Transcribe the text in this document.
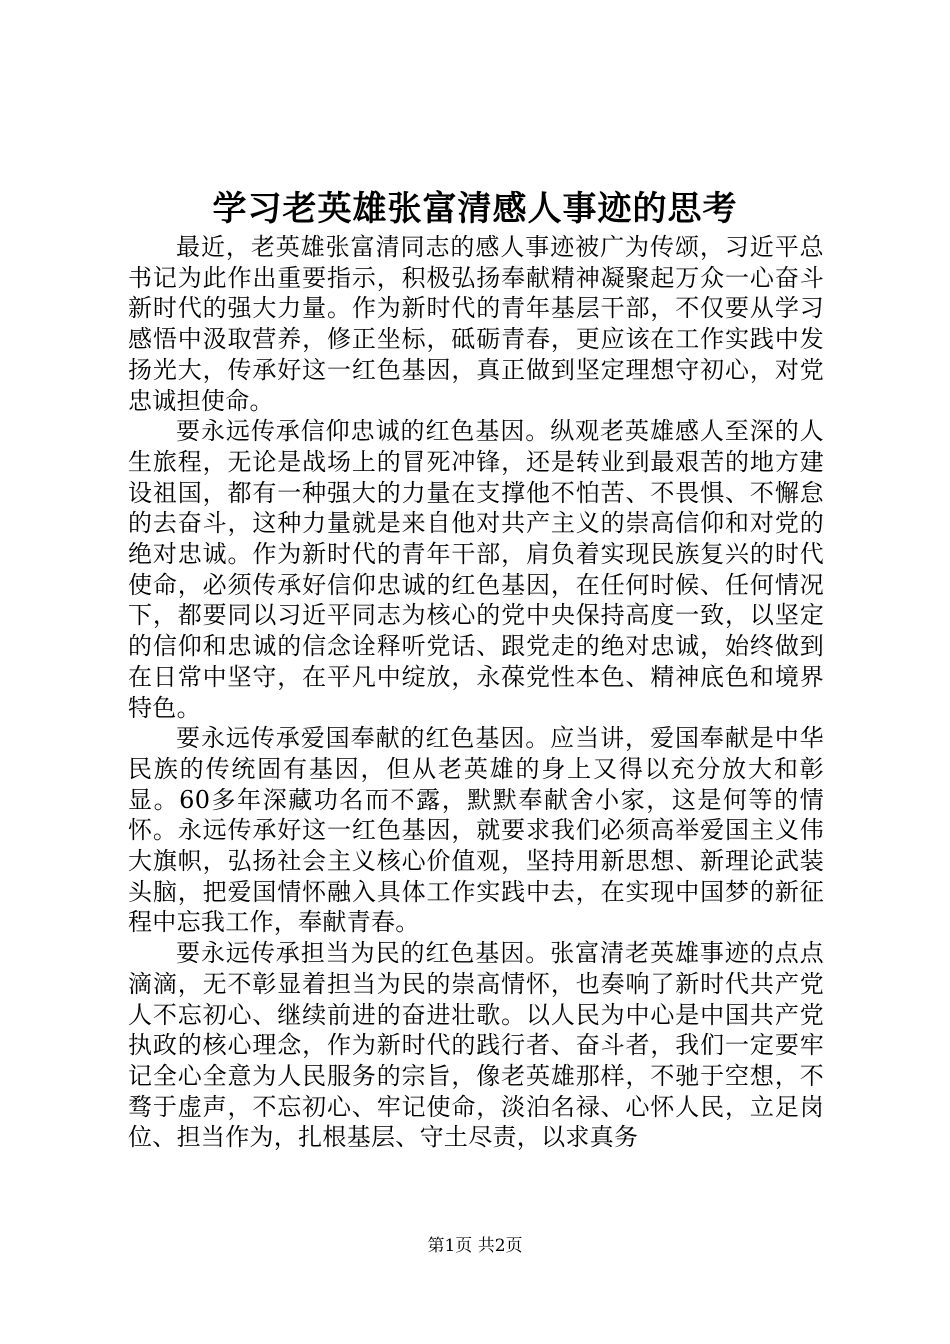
学习老英雄张富清感人事迹的思考

最近，老英雄张富清同志的感人事迹被广为传颂，习近平总书记为此作出重要指示，积极弘扬奉献精神凝聚起万众一心奋斗新时代的强大力量。作为新时代的青年基层干部，不仅要从学习感悟中汲取营养，修正坐标，砥砺青春，更应该在工作实践中发扬光大，传承好这一红色基因，真正做到坚定理想守初心，对党忠诚担使命。

要永远传承信仰忠诚的红色基因。纵观老英雄感人至深的人生旅程，无论是战场上的冒死冲锋，还是转业到最艰苦的地方建设祖国，都有一种强大的力量在支撑他不怕苦、不畏惧、不懈怠的去奋斗，这种力量就是来自他对共产主义的崇高信仰和对党的绝对忠诚。作为新时代的青年干部，肩负着实现民族复兴的时代使命，必须传承好信仰忠诚的红色基因，在任何时候、任何情况下，都要同以习近平同志为核心的党中央保持高度一致，以坚定的信仰和忠诚的信念诠释听党话、跟党走的绝对忠诚，始终做到在日常中坚守，在平凡中绽放，永葆党性本色、精神底色和境界特色。

要永远传承爱国奉献的红色基因。应当讲，爱国奉献是中华民族的传统固有基因，但从老英雄的身上又得以充分放大和彰显。60多年深藏功名而不露，默默奉献舍小家，这是何等的情怀。永远传承好这一红色基因，就要求我们必须高举爱国主义伟大旗帜，弘扬社会主义核心价值观，坚持用新思想、新理论武装头脑，把爱国情怀融入具体工作实践中去，在实现中国梦的新征程中忘我工作，奉献青春。

要永远传承担当为民的红色基因。张富清老英雄事迹的点点滴滴，无不彰显着担当为民的崇高情怀，也奏响了新时代共产党人不忘初心、继续前进的奋进壮歌。以人民为中心是中国共产党执政的核心理念，作为新时代的践行者、奋斗者，我们一定要牢记全心全意为人民服务的宗旨，像老英雄那样，不驰于空想，不骛于虚声，不忘初心、牢记使命，淡泊名禄、心怀人民，立足岗位、担当作为，扎根基层、守土尽责，以求真务

第1页 共2页
